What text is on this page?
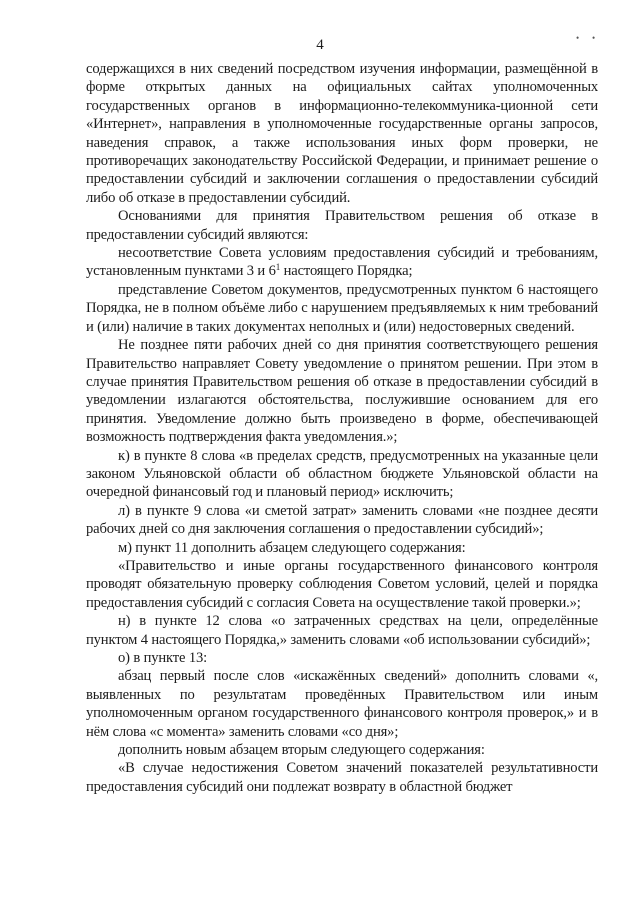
4	• •

содержащихся в них сведений посредством изучения информации, размещённой в форме открытых данных на официальных сайтах уполномоченных государственных органов в информационно-телекоммуника-ционной сети «Интернет», направления в уполномоченные государственные органы запросов, наведения справок, а также использования иных форм проверки, не противоречащих законодательству Российской Федерации, и принимает решение о предоставлении субсидий и заключении соглашения о предоставлении субсидий либо об отказе в предоставлении субсидий.

Основаниями для принятия Правительством решения об отказе в предоставлении субсидий являются:

несоответствие Совета условиям предоставления субсидий и требованиям, установленным пунктами 3 и $6^1$ настоящего Порядка;

представление Советом документов, предусмотренных пунктом 6 настоящего Порядка, не в полном объёме либо с нарушением предъявляемых к ним требований и (или) наличие в таких документах неполных и (или) недостоверных сведений.

Не позднее пяти рабочих дней со дня принятия соответствующего решения Правительство направляет Совету уведомление о принятом решении. При этом в случае принятия Правительством решения об отказе в предоставлении субсидий в уведомлении излагаются обстоятельства, послужившие основанием для его принятия. Уведомление должно быть произведено в форме, обеспечивающей возможность подтверждения факта уведомления.»;

к) в пункте 8 слова «в пределах средств, предусмотренных на указанные цели законом Ульяновской области об областном бюджете Ульяновской области на очередной финансовый год и плановый период» исключить;

л) в пункте 9 слова «и сметой затрат» заменить словами «не позднее десяти рабочих дней со дня заключения соглашения о предоставлении субсидий»;

м) пункт 11 дополнить абзацем следующего содержания:

«Правительство и иные органы государственного финансового контроля проводят обязательную проверку соблюдения Советом условий, целей и порядка предоставления субсидий с согласия Совета на осуществление такой проверки.»;

н) в пункте 12 слова «о затраченных средствах на цели, определённые пунктом 4 настоящего Порядка,» заменить словами «об использовании субсидий»;

о) в пункте 13:

абзац первый после слов «искажённых сведений» дополнить словами «, выявленных по результатам проведённых Правительством или иным уполномоченным органом государственного финансового контроля проверок,» и в нём слова «с момента» заменить словами «со дня»;

дополнить новым абзацем вторым следующего содержания:

«В случае недостижения Советом значений показателей результативности предоставления субсидий они подлежат возврату в областной бюджет
